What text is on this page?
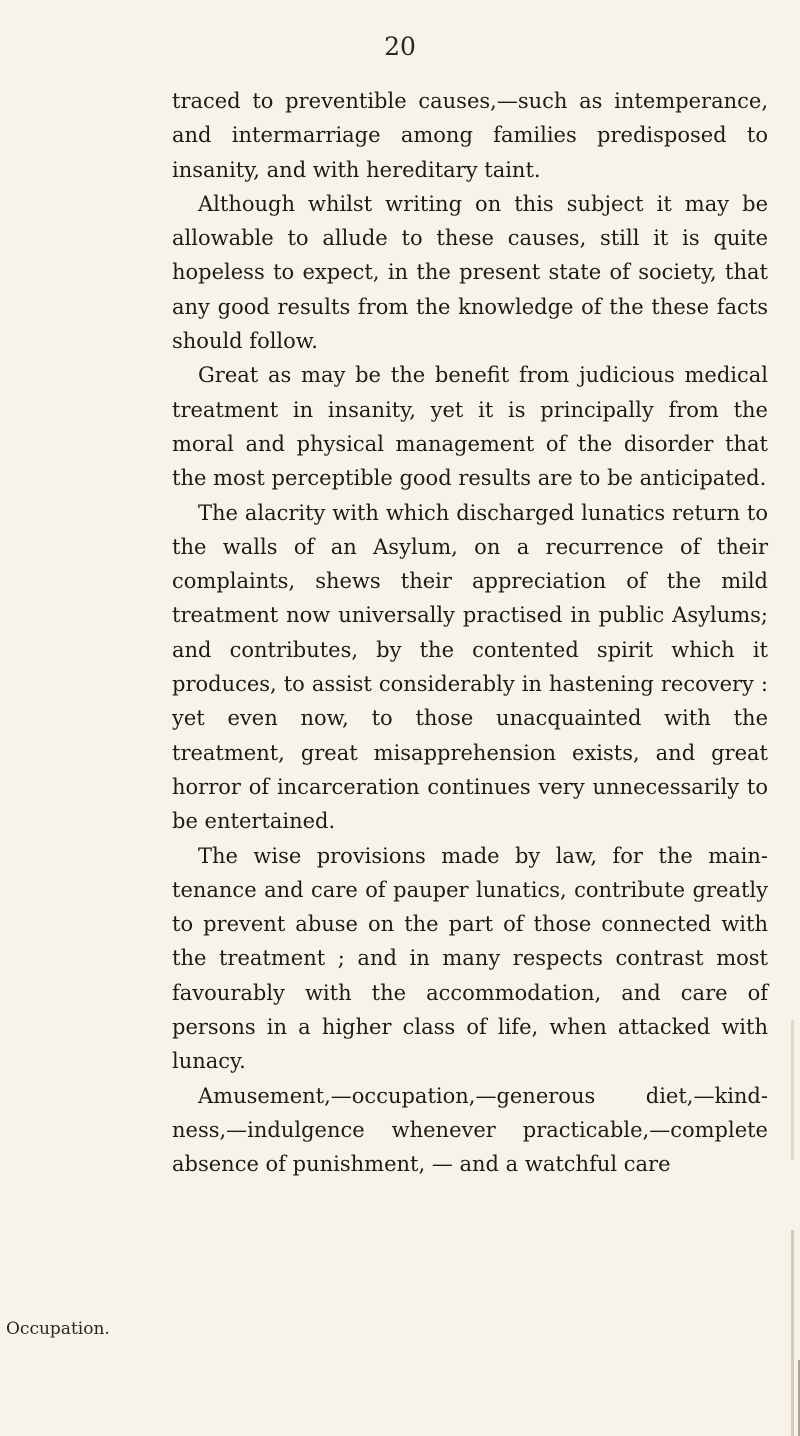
20

traced to preventible causes,—such as intemperance, and intermarriage among families predisposed to insanity, and with hereditary taint.

Although whilst writing on this subject it may be allowable to allude to these causes, still it is quite hopeless to expect, in the present state of society, that any good results from the knowledge of the these facts should follow.

Great as may be the benefit from judicious medical treatment in insanity, yet it is principally from the moral and physical management of the disorder that the most perceptible good results are to be anticipated.

The alacrity with which discharged lunatics return to the walls of an Asylum, on a recurrence of their complaints, shews their appreciation of the mild treatment now universally practised in public Asylums; and contributes, by the contented spirit which it produces, to assist considerably in hastening recovery : yet even now, to those unacquainted with the treatment, great misapprehension exists, and great horror of incarceration continues very unnecessarily to be entertained.

The wise provisions made by law, for the maintenance and care of pauper lunatics, contribute greatly to prevent abuse on the part of those connected with the treatment ; and in many respects contrast most favourably with the accommodation, and care of persons in a higher class of life, when attacked with lunacy.

Amusement,—occupation,—generous diet,—kindness,—indulgence whenever practicable,—complete absence of punishment, — and a watchful care

Occupation.
